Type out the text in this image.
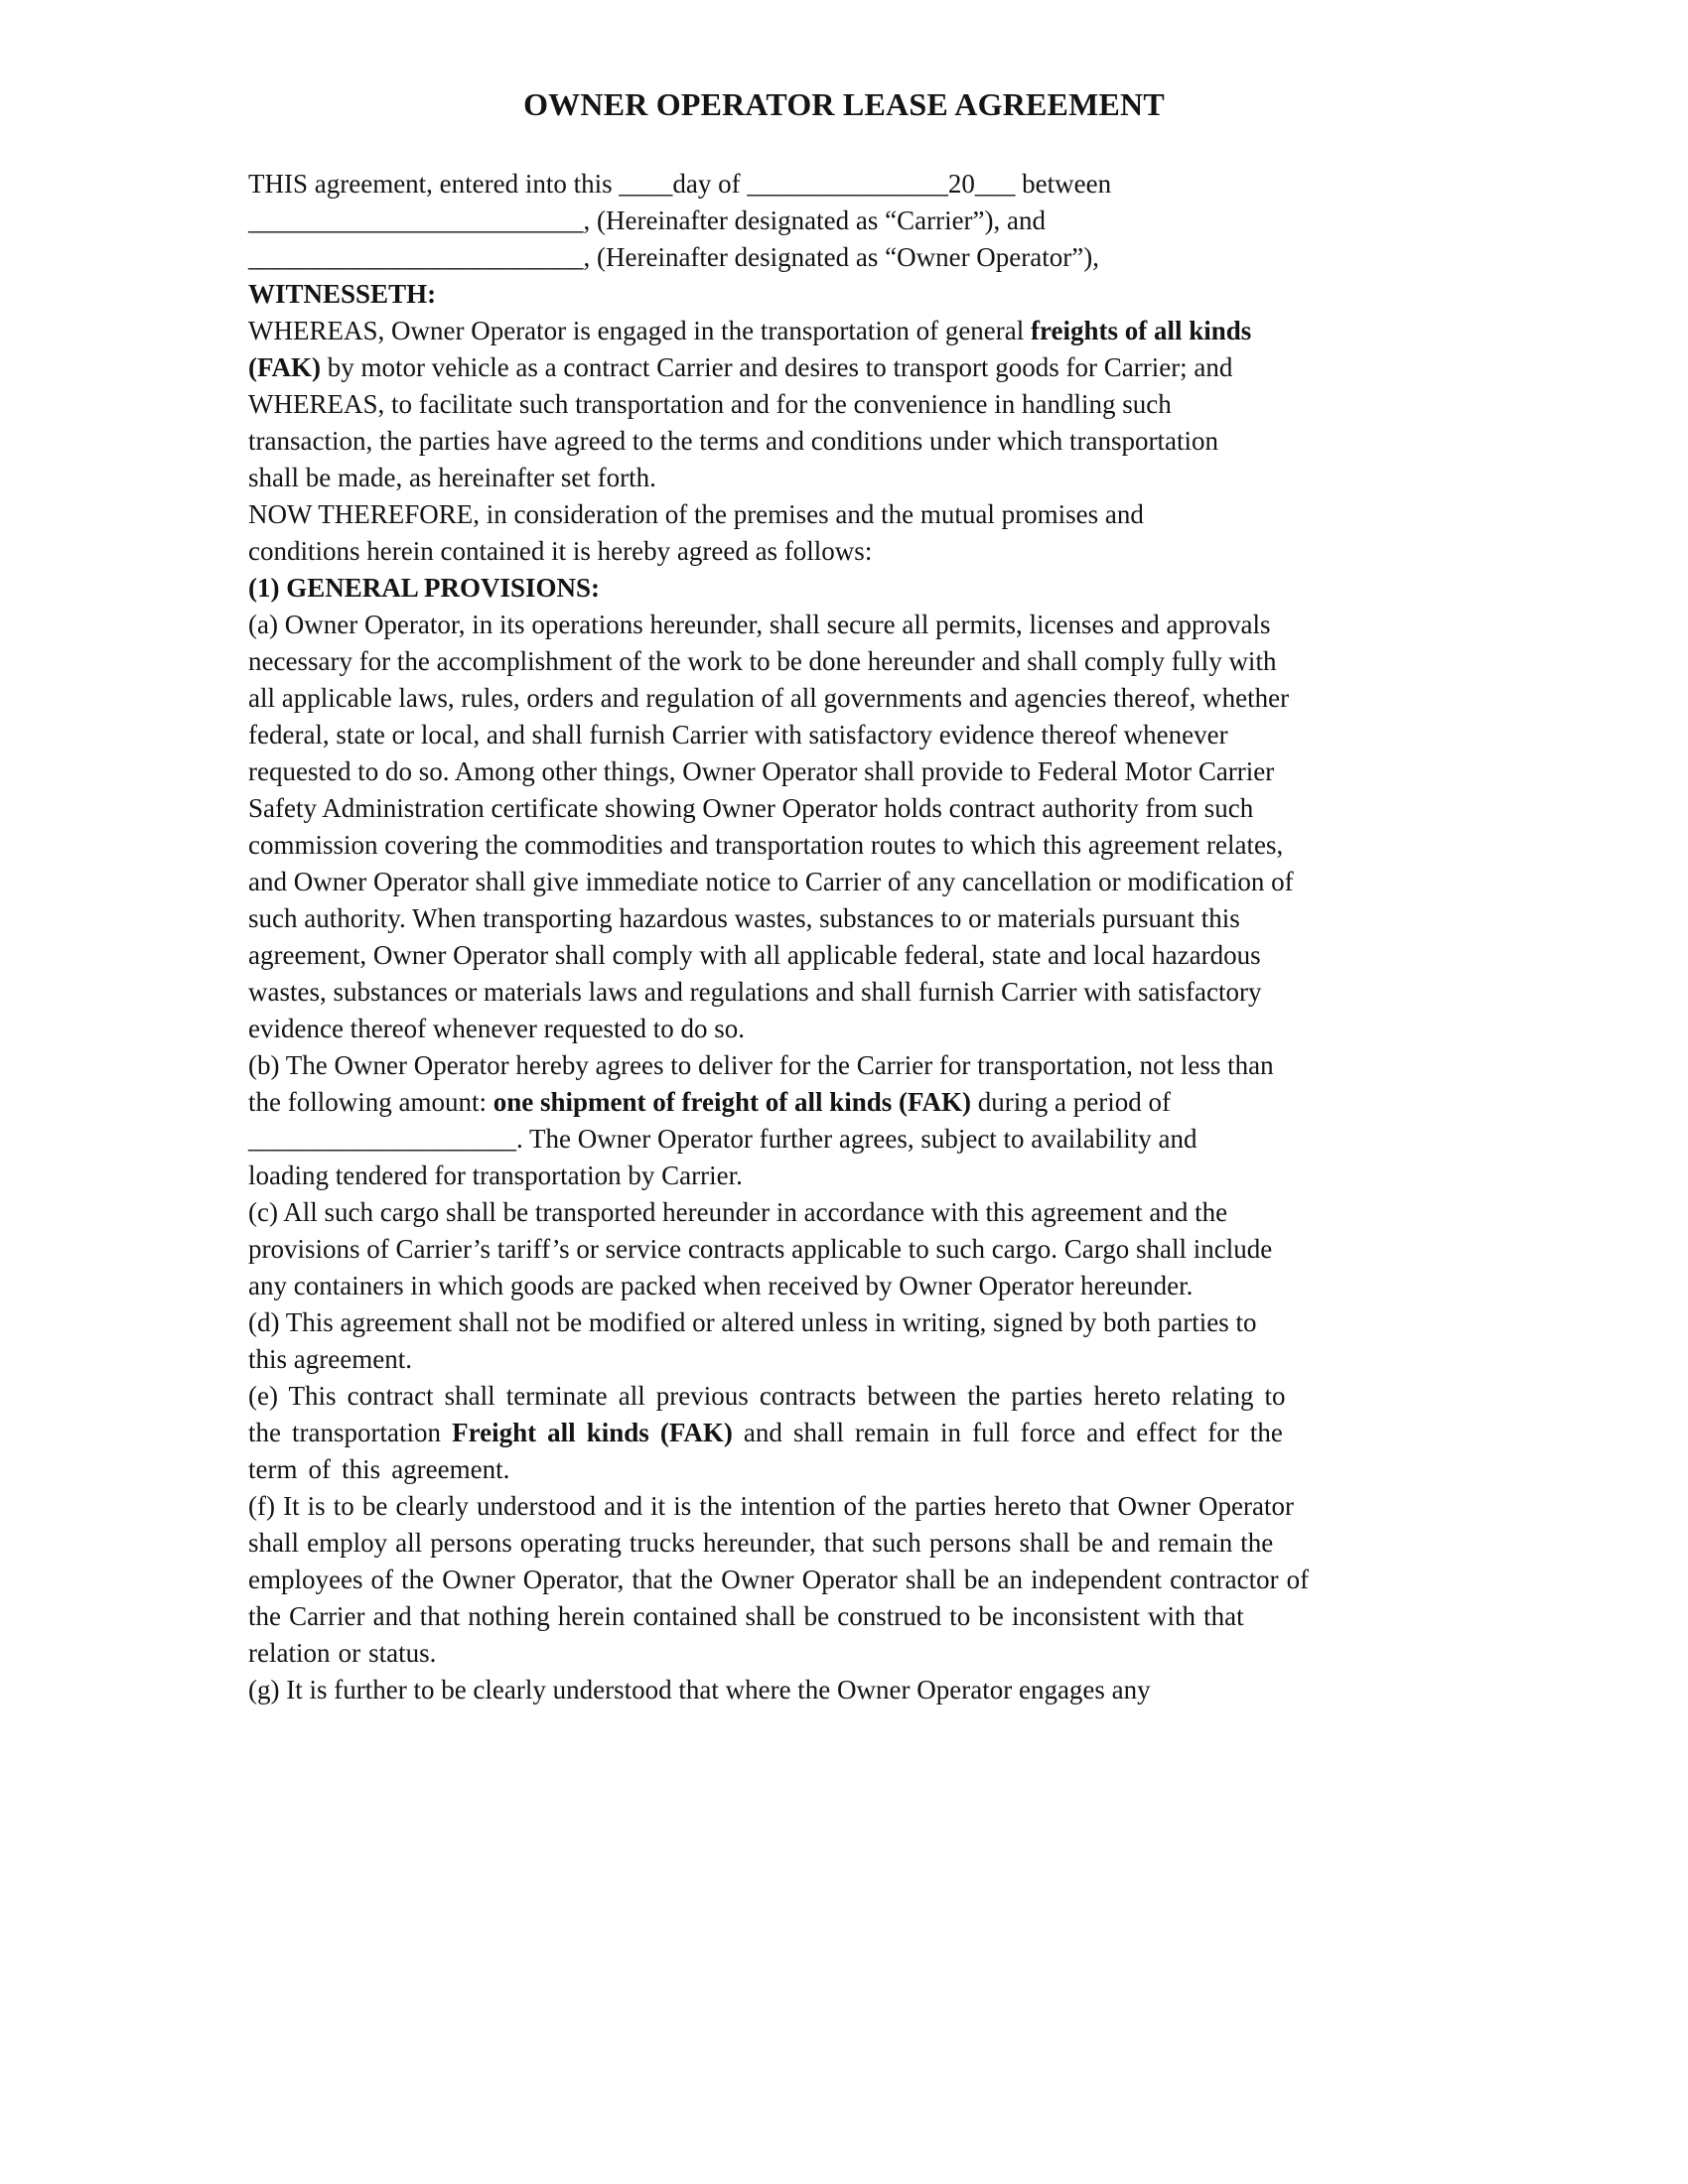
OWNER OPERATOR LEASE AGREEMENT

THIS agreement, entered into this ____day of _______________20___ between
_________________________, (Hereinafter designated as “Carrier”), and
_________________________, (Hereinafter designated as “Owner Operator”),

WITNESSETH:

WHEREAS, Owner Operator is engaged in the transportation of general freights of all kinds
(FAK) by motor vehicle as a contract Carrier and desires to transport goods for Carrier; and
WHEREAS, to facilitate such transportation and for the convenience in handling such
transaction, the parties have agreed to the terms and conditions under which transportation
shall be made, as hereinafter set forth.
NOW THEREFORE, in consideration of the premises and the mutual promises and
conditions herein contained it is hereby agreed as follows:
(1) GENERAL PROVISIONS:

(a) Owner Operator, in its operations hereunder, shall secure all permits, licenses and approvals
necessary for the accomplishment of the work to be done hereunder and shall comply fully with
all applicable laws, rules, orders and regulation of all governments and agencies thereof, whether
federal, state or local, and shall furnish Carrier with satisfactory evidence thereof whenever
requested to do so. Among other things, Owner Operator shall provide to Federal Motor Carrier
Safety Administration certificate showing Owner Operator holds contract authority from such
commission covering the commodities and transportation routes to which this agreement relates,
and Owner Operator shall give immediate notice to Carrier of any cancellation or modification of
such authority. When transporting hazardous wastes, substances to or materials pursuant this
agreement, Owner Operator shall comply with all applicable federal, state and local hazardous
wastes, substances or materials laws and regulations and shall furnish Carrier with satisfactory
evidence thereof whenever requested to do so.

(b) The Owner Operator hereby agrees to deliver for the Carrier for transportation, not less than
the following amount: one shipment of freight of all kinds (FAK) during a period of
____________________. The Owner Operator further agrees, subject to availability and
loading tendered for transportation by Carrier.

(c) All such cargo shall be transported hereunder in accordance with this agreement and the
provisions of Carrier’s tariff’s or service contracts applicable to such cargo. Cargo shall include
any containers in which goods are packed when received by Owner Operator hereunder.

(d) This agreement shall not be modified or altered unless in writing, signed by both parties to
this agreement.

(e) This contract shall terminate all previous contracts between the parties hereto relating to
the transportation Freight all kinds (FAK) and shall remain in full force and effect for the
term of this agreement.

(f) It is to be clearly understood and it is the intention of the parties hereto that Owner Operator
shall employ all persons operating trucks hereunder, that such persons shall be and remain the
employees of the Owner Operator, that the Owner Operator shall be an independent contractor of
the Carrier and that nothing herein contained shall be construed to be inconsistent with that
relation or status.

(g) It is further to be clearly understood that where the Owner Operator engages any
